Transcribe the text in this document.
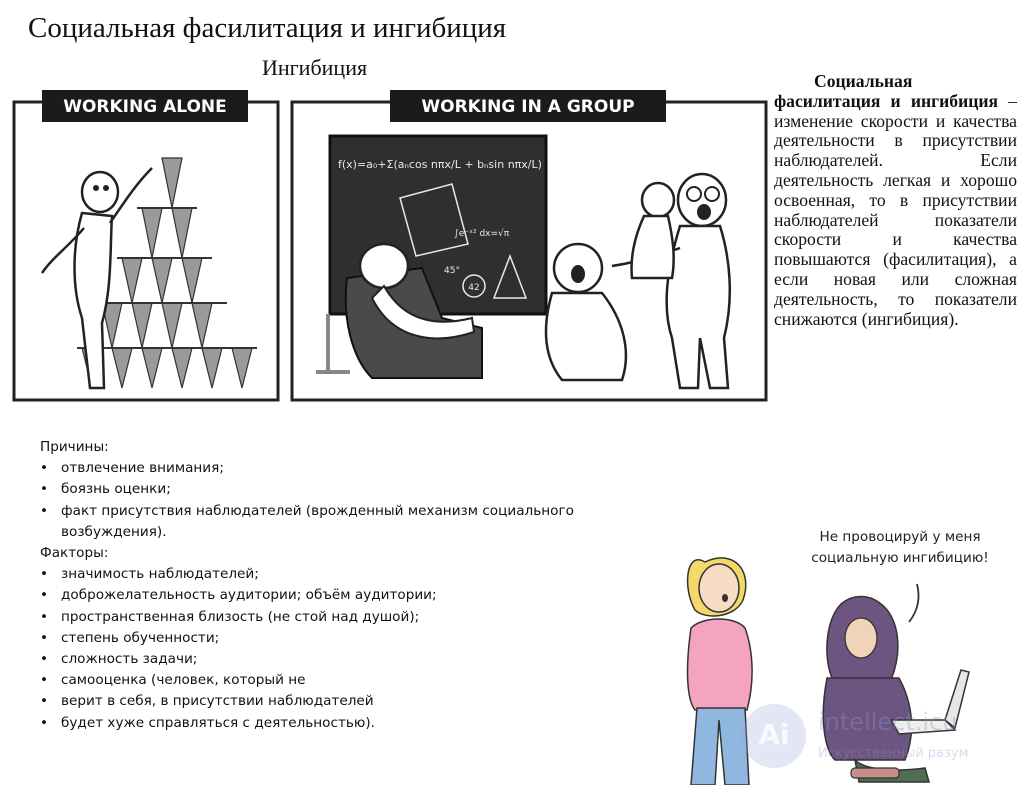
Социальная фасилитация и ингибиция
Ингибиция
WORKING ALONE	WORKING IN A GROUP
f(x)=a₀+Σ(aₙcos nπx/L + bₙsin nπx/L)
∫e⁻ˣ² dx=√π
45°
42
Социальная фасилитация и ингибиция – изменение скорости и качества деятельности в присутствии наблюдателей. Если деятельность легкая и хорошо освоенная, то в присутствии наблюдателей показатели скорости и качества повышаются (фасилитация), а если новая или сложная деятельность, то показатели снижаются (ингибиция).

Причины:

• отвлечение внимания;
• боязнь оценки;
• факт присутствия наблюдателей (врожденный механизм социального возбуждения).

Факторы:

• значимость наблюдателей;
• доброжелательность аудитории; объём аудитории;
• пространственная близость (не стой над душой);
• степень обученности;
• сложность задачи;
• самооценка (человек, который не
• верит в себя, в присутствии наблюдателей
• будет хуже справляться с деятельностью).
Не провоцируй у меня
социальную ингибицию!
Ai	intellect.icu
Искусственный разум
